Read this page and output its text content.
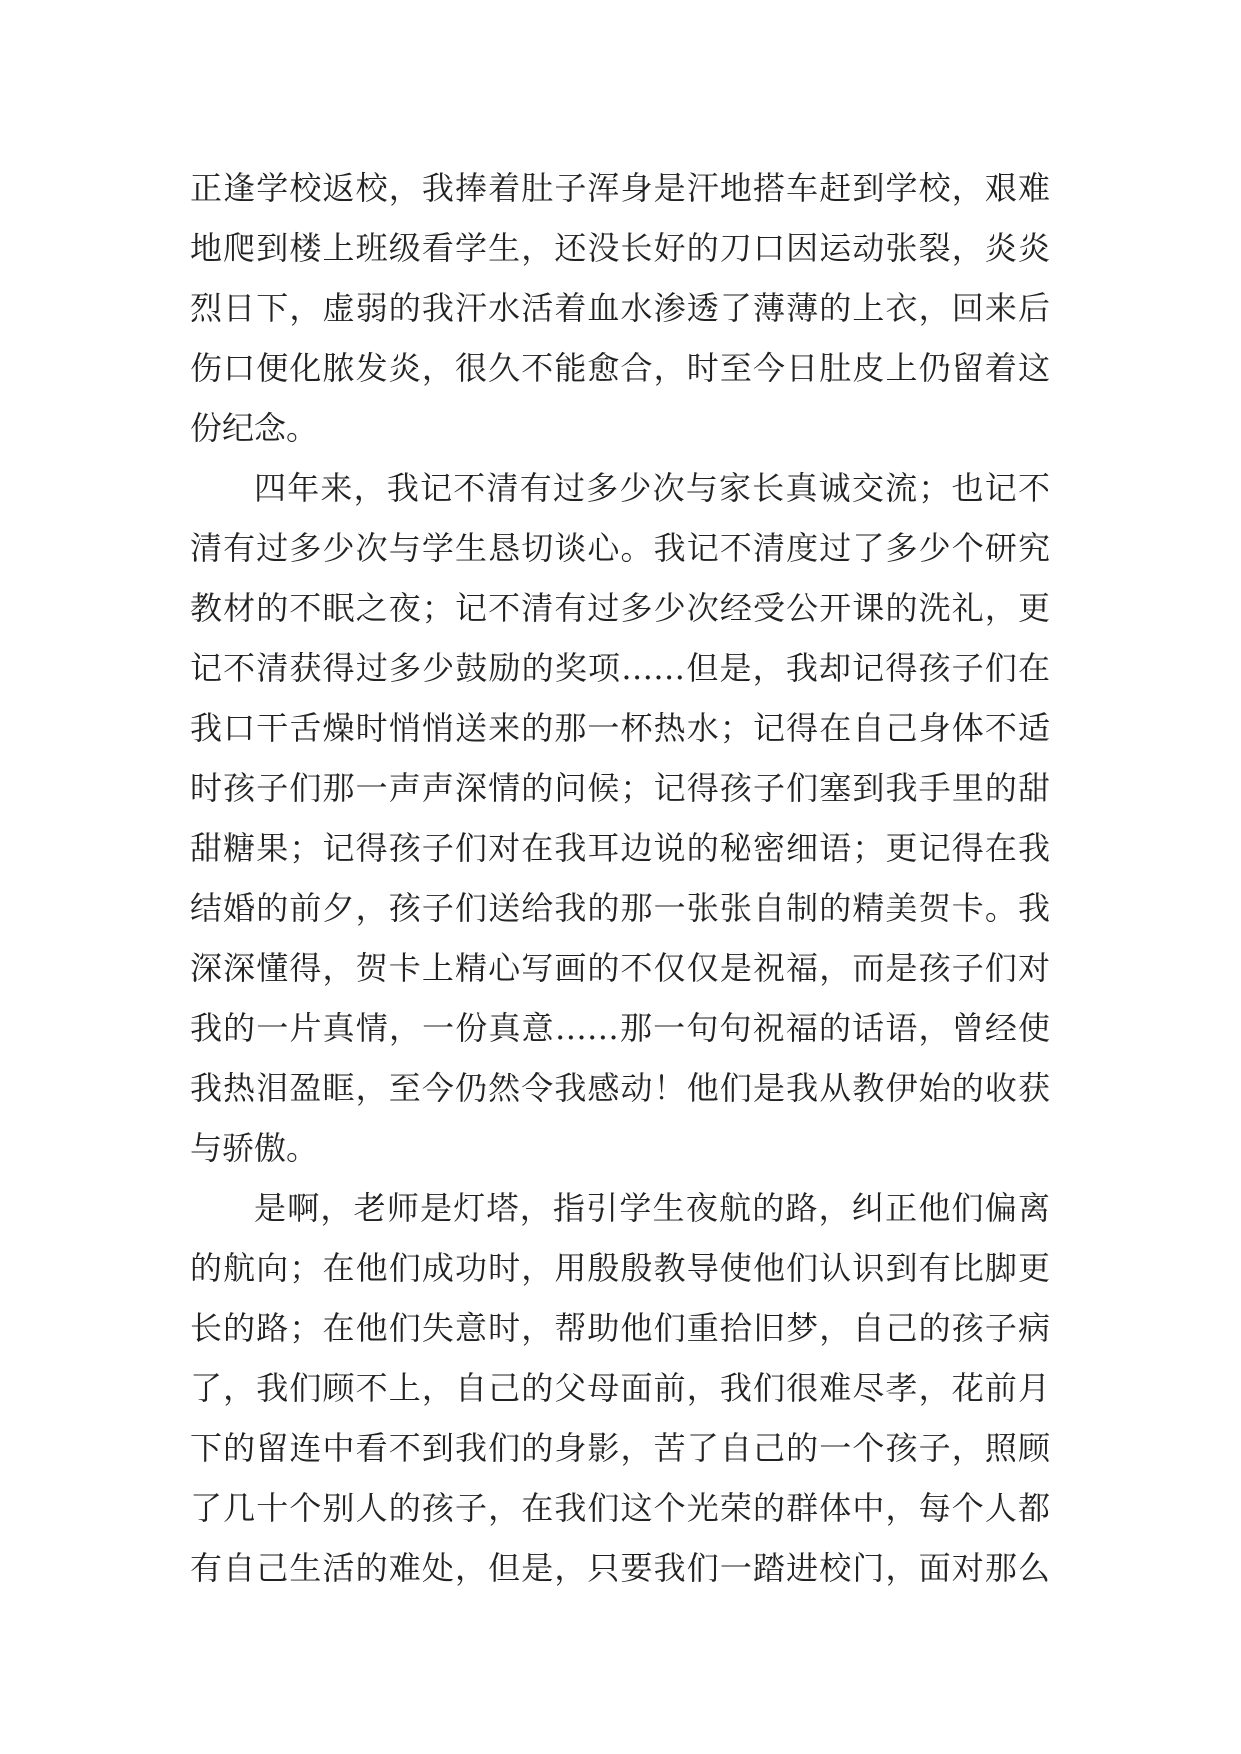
正逢学校返校，我捧着肚子浑身是汗地搭车赶到学校，艰难

地爬到楼上班级看学生，还没长好的刀口因运动张裂，炎炎

烈日下，虚弱的我汗水活着血水渗透了薄薄的上衣，回来后

伤口便化脓发炎，很久不能愈合，时至今日肚皮上仍留着这

份纪念。

四年来，我记不清有过多少次与家长真诚交流；也记不

清有过多少次与学生恳切谈心。我记不清度过了多少个研究

教材的不眠之夜；记不清有过多少次经受公开课的洗礼，更

记不清获得过多少鼓励的奖项……但是，我却记得孩子们在

我口干舌燥时悄悄送来的那一杯热水；记得在自己身体不适

时孩子们那一声声深情的问候；记得孩子们塞到我手里的甜

甜糖果；记得孩子们对在我耳边说的秘密细语；更记得在我

结婚的前夕，孩子们送给我的那一张张自制的精美贺卡。我

深深懂得，贺卡上精心写画的不仅仅是祝福，而是孩子们对

我的一片真情，一份真意……那一句句祝福的话语，曾经使

我热泪盈眶，至今仍然令我感动！他们是我从教伊始的收获

与骄傲。

是啊，老师是灯塔，指引学生夜航的路，纠正他们偏离

的航向；在他们成功时，用殷殷教导使他们认识到有比脚更

长的路；在他们失意时，帮助他们重拾旧梦，自己的孩子病

了，我们顾不上，自己的父母面前，我们很难尽孝，花前月

下的留连中看不到我们的身影，苦了自己的一个孩子，照顾

了几十个别人的孩子，在我们这个光荣的群体中，每个人都

有自己生活的难处，但是，只要我们一踏进校门，面对那么
